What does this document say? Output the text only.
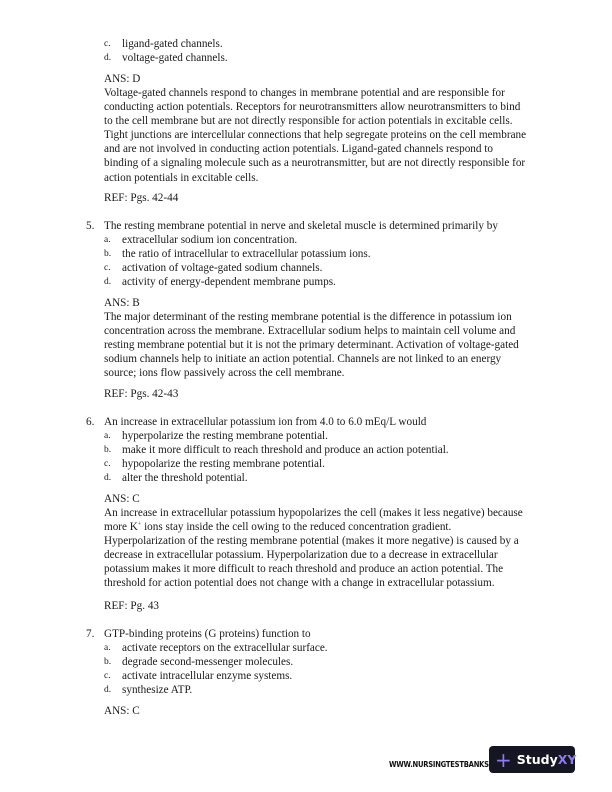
c. ligand-gated channels.
d. voltage-gated channels.
ANS: D
Voltage-gated channels respond to changes in membrane potential and are responsible for
conducting action potentials. Receptors for neurotransmitters allow neurotransmitters to bind
to the cell membrane but are not directly responsible for action potentials in excitable cells.
Tight junctions are intercellular connections that help segregate proteins on the cell membrane
and are not involved in conducting action potentials. Ligand-gated channels respond to
binding of a signaling molecule such as a neurotransmitter, but are not directly responsible for
action potentials in excitable cells.
REF: Pgs. 42-44
5. The resting membrane potential in nerve and skeletal muscle is determined primarily by
a. extracellular sodium ion concentration.
b. the ratio of intracellular to extracellular potassium ions.
c. activation of voltage-gated sodium channels.
d. activity of energy-dependent membrane pumps.
ANS: B
The major determinant of the resting membrane potential is the difference in potassium ion
concentration across the membrane. Extracellular sodium helps to maintain cell volume and
resting membrane potential but it is not the primary determinant. Activation of voltage-gated
sodium channels help to initiate an action potential. Channels are not linked to an energy
source; ions flow passively across the cell membrane.
REF: Pgs. 42-43
6. An increase in extracellular potassium ion from 4.0 to 6.0 mEq/L would
a. hyperpolarize the resting membrane potential.
b. make it more difficult to reach threshold and produce an action potential.
c. hypopolarize the resting membrane potential.
d. alter the threshold potential.
ANS: C
An increase in extracellular potassium hypopolarizes the cell (makes it less negative) because
more K+ ions stay inside the cell owing to the reduced concentration gradient.
Hyperpolarization of the resting membrane potential (makes it more negative) is caused by a
decrease in extracellular potassium. Hyperpolarization due to a decrease in extracellular
potassium makes it more difficult to reach threshold and produce an action potential. The
threshold for action potential does not change with a change in extracellular potassium.
REF: Pg. 43
7. GTP-binding proteins (G proteins) function to
a. activate receptors on the extracellular surface.
b. degrade second-messenger molecules.
c. activate intracellular enzyme systems.
d. synthesize ATP.
ANS: C
WWW.NURSINGTESTBANKS + StudyXY
